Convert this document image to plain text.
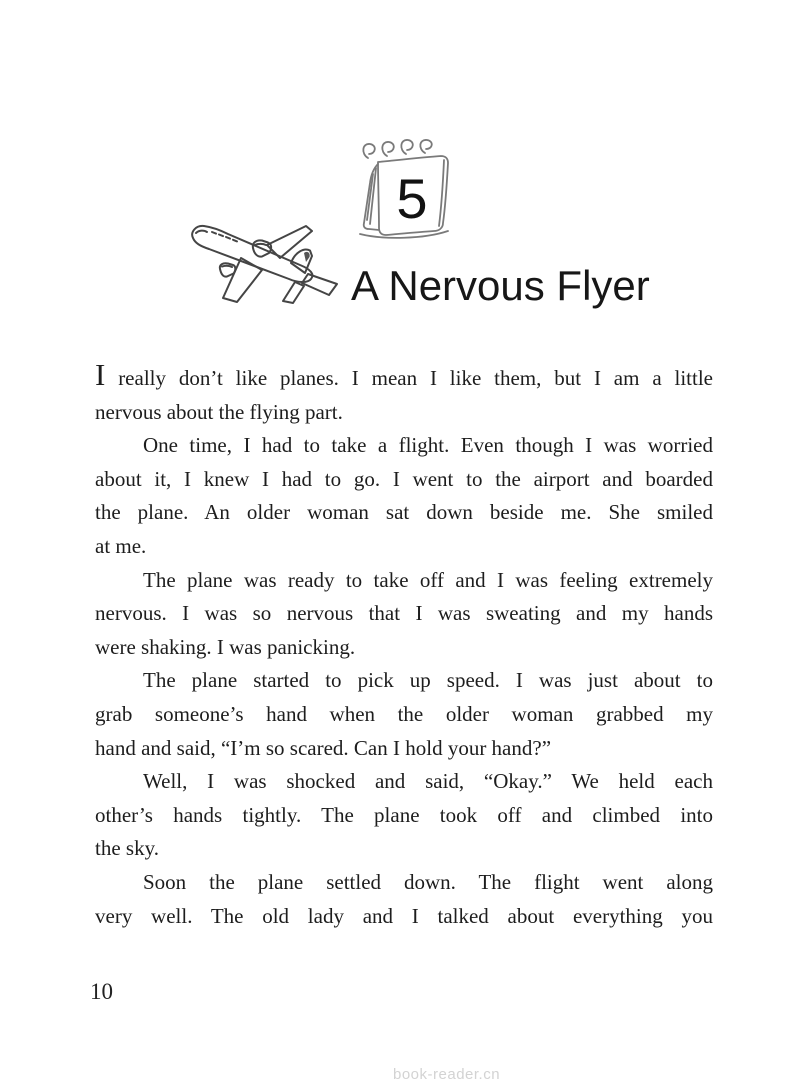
5
A Nervous Flyer
I really don’t like planes. I mean I like them, but I am a little
nervous about the flying part.
One time, I had to take a flight. Even though I was worried
about it, I knew I had to go. I went to the airport and boarded
the plane. An older woman sat down beside me. She smiled
at me.
The plane was ready to take off and I was feeling extremely
nervous. I was so nervous that I was sweating and my hands
were shaking. I was panicking.
The plane started to pick up speed. I was just about to
grab someone’s hand when the older woman grabbed my
hand and said, “I’m so scared. Can I hold your hand?”
Well, I was shocked and said, “Okay.” We held each
other’s hands tightly. The plane took off and climbed into
the sky.
Soon the plane settled down. The flight went along
very well. The old lady and I talked about everything you
10
book-reader.cn
